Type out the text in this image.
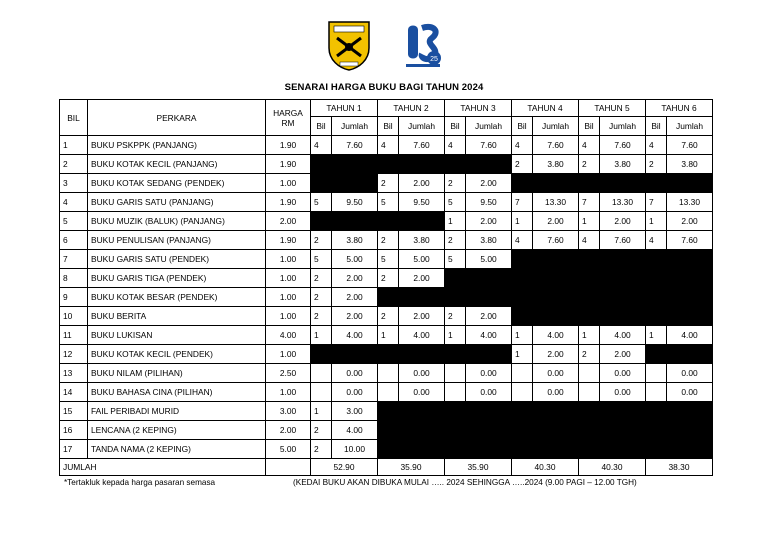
25
SENARAI HARGA BUKU BAGI TAHUN 2024
BIL	PERKARA	HARGA
RM	TAHUN 1		TAHUN 2		TAHUN 3		TAHUN 4		TAHUN 5		TAHUN 6	
			Bil	Jumlah	Bil	Jumlah	Bil	Jumlah	Bil	Jumlah	Bil	Jumlah	Bil	Jumlah
1	BUKU PSKPPK (PANJANG)	1.90	4	7.60	4	7.60	4	7.60	4	7.60	4	7.60	4	7.60
2	BUKU KOTAK KECIL (PANJANG)	1.90							2	3.80	2	3.80	2	3.80
3	BUKU KOTAK SEDANG (PENDEK)	1.00			2	2.00	2	2.00						
4	BUKU GARIS SATU (PANJANG)	1.90	5	9.50	5	9.50	5	9.50	7	13.30	7	13.30	7	13.30
5	BUKU MUZIK (BALUK) (PANJANG)	2.00					1	2.00	1	2.00	1	2.00	1	2.00
6	BUKU PENULISAN (PANJANG)	1.90	2	3.80	2	3.80	2	3.80	4	7.60	4	7.60	4	7.60
7	BUKU GARIS SATU (PENDEK)	1.00	5	5.00	5	5.00	5	5.00						
8	BUKU GARIS TIGA (PENDEK)	1.00	2	2.00	2	2.00								
9	BUKU KOTAK BESAR (PENDEK)	1.00	2	2.00										
10	BUKU BERITA	1.00	2	2.00	2	2.00	2	2.00						
11	BUKU LUKISAN	4.00	1	4.00	1	4.00	1	4.00	1	4.00	1	4.00	1	4.00
12	BUKU KOTAK KECIL (PENDEK)	1.00							1	2.00	2	2.00		
13	BUKU NILAM (PILIHAN)	2.50		0.00		0.00		0.00		0.00		0.00		0.00
14	BUKU BAHASA CINA (PILIHAN)	1.00		0.00		0.00		0.00		0.00		0.00		0.00
15	FAIL PERIBADI MURID	3.00	1	3.00										
16	LENCANA (2 KEPING)	2.00	2	4.00										
17	TANDA NAMA (2 KEPING)	5.00	2	10.00										
JUMLAH			52.90		35.90		35.90		40.30		40.30		38.30	
*Tertakluk kepada harga pasaran semasa	(KEDAI BUKU AKAN DIBUKA MULAI ….. 2024 SEHINGGA …..2024 (9.00 PAGI – 12.00 TGH)
